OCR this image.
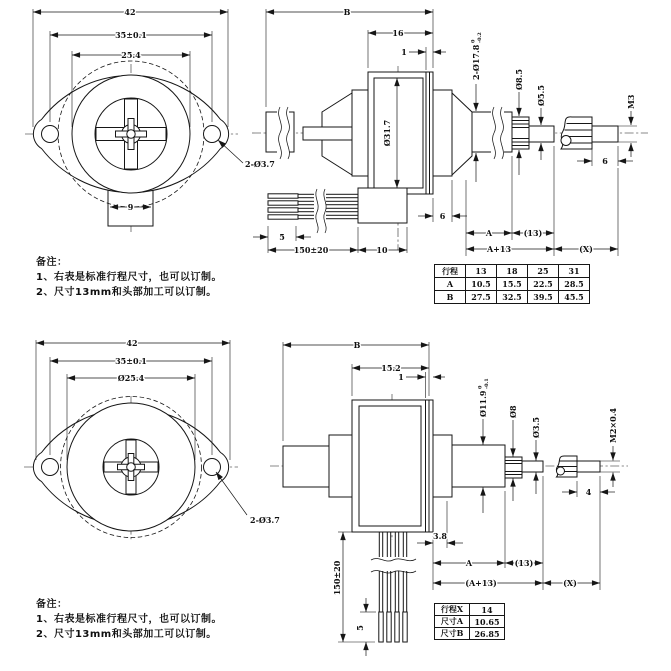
42
35±0.1
25.4
9
2-Ø3.7
B
16
1
Ø31.7
2-Ø17.8
0 -0.2
Ø8.5
Ø5.5	M3
6
6
A	(13)
A+13	(X)
5
150±20	10
42
35±0.1
Ø25.4
2-Ø3.7
B
15.2
1
Ø11.9
0 -0.1
Ø8
Ø3.5	M2×0.4
4
3.8
A	(13)
(A+13)	(X)
150±20
5
备注：
1、右表是标准行程尺寸，也可以订制。
2、尺寸13mm和头部加工可以订制。
备注：
1、右表是标准行程尺寸，也可以订制。
2、尺寸13mm和头部加工可以订制。
行程	13	18	25	31
A	10.5	15.5	22.5	28.5
B	27.5	32.5	39.5	45.5
行程X	14
尺寸A	10.65
尺寸B	26.85
